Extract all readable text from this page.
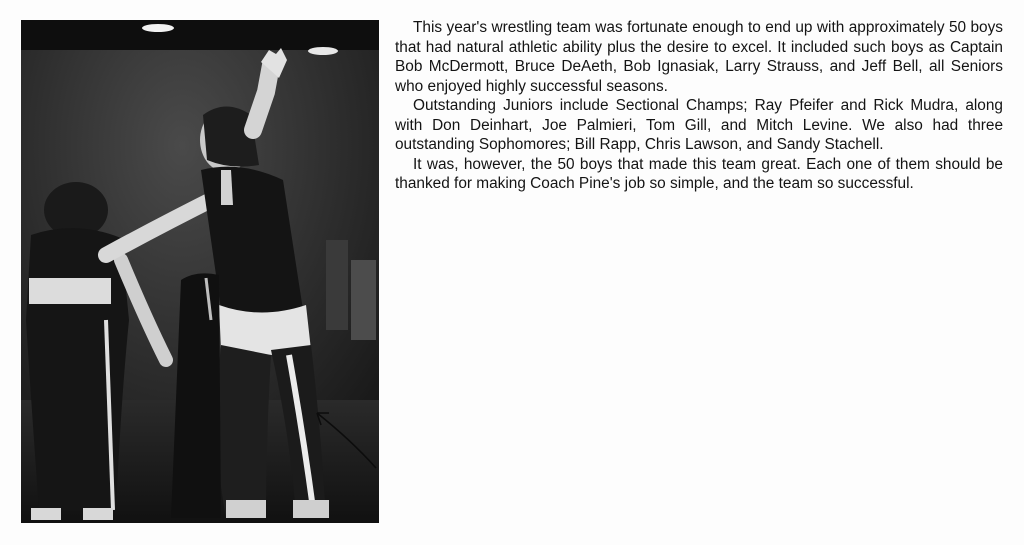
This year's wrestling team was fortunate enough to end up with approximately 50 boys that had natural athletic ability plus the desire to excel. It included such boys as Captain Bob McDermott, Bruce DeAeth, Bob Ignasiak, Larry Strauss, and Jeff Bell, all Seniors who enjoyed highly successful seasons.

Outstanding Juniors include Sectional Champs; Ray Pfeifer and Rick Mudra, along with Don Deinhart, Joe Palmieri, Tom Gill, and Mitch Levine. We also had three outstanding Sophomores; Bill Rapp, Chris Lawson, and Sandy Stachell.

It was, however, the 50 boys that made this team great. Each one of them should be thanked for making Coach Pine's job so simple, and the team so successful.
